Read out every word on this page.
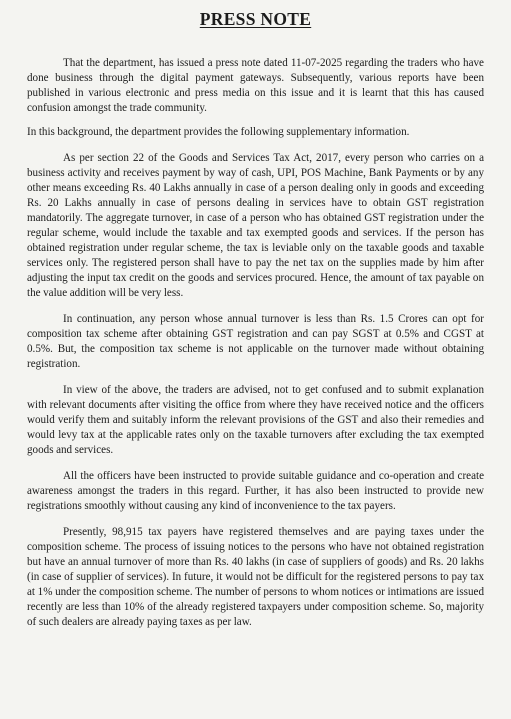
PRESS NOTE

That the department, has issued a press note dated 11-07-2025 regarding the traders who have done business through the digital payment gateways. Subsequently, various reports have been published in various electronic and press media on this issue and it is learnt that this has caused confusion amongst the trade community.

In this background, the department provides the following supplementary information.

As per section 22 of the Goods and Services Tax Act, 2017, every person who carries on a business activity and receives payment by way of cash, UPI, POS Machine, Bank Payments or by any other means exceeding Rs. 40 Lakhs annually in case of a person dealing only in goods and exceeding Rs. 20 Lakhs annually in case of persons dealing in services have to obtain GST registration mandatorily. The aggregate turnover, in case of a person who has obtained GST registration under the regular scheme, would include the taxable and tax exempted goods and services. If the person has obtained registration under regular scheme, the tax is leviable only on the taxable goods and taxable services only. The registered person shall have to pay the net tax on the supplies made by him after adjusting the input tax credit on the goods and services procured. Hence, the amount of tax payable on the value addition will be very less.

In continuation, any person whose annual turnover is less than Rs. 1.5 Crores can opt for composition tax scheme after obtaining GST registration and can pay SGST at 0.5% and CGST at 0.5%. But, the composition tax scheme is not applicable on the turnover made without obtaining registration.

In view of the above, the traders are advised, not to get confused and to submit explanation with relevant documents after visiting the office from where they have received notice and the officers would verify them and suitably inform the relevant provisions of the GST and also their remedies and would levy tax at the applicable rates only on the taxable turnovers after excluding the tax exempted goods and services.

All the officers have been instructed to provide suitable guidance and co-operation and create awareness amongst the traders in this regard. Further, it has also been instructed to provide new registrations smoothly without causing any kind of inconvenience to the tax payers.

Presently, 98,915 tax payers have registered themselves and are paying taxes under the composition scheme. The process of issuing notices to the persons who have not obtained registration but have an annual turnover of more than Rs. 40 lakhs (in case of suppliers of goods) and Rs. 20 lakhs (in case of supplier of services). In future, it would not be difficult for the registered persons to pay tax at 1% under the composition scheme. The number of persons to whom notices or intimations are issued recently are less than 10% of the already registered taxpayers under composition scheme. So, majority of such dealers are already paying taxes as per law.
